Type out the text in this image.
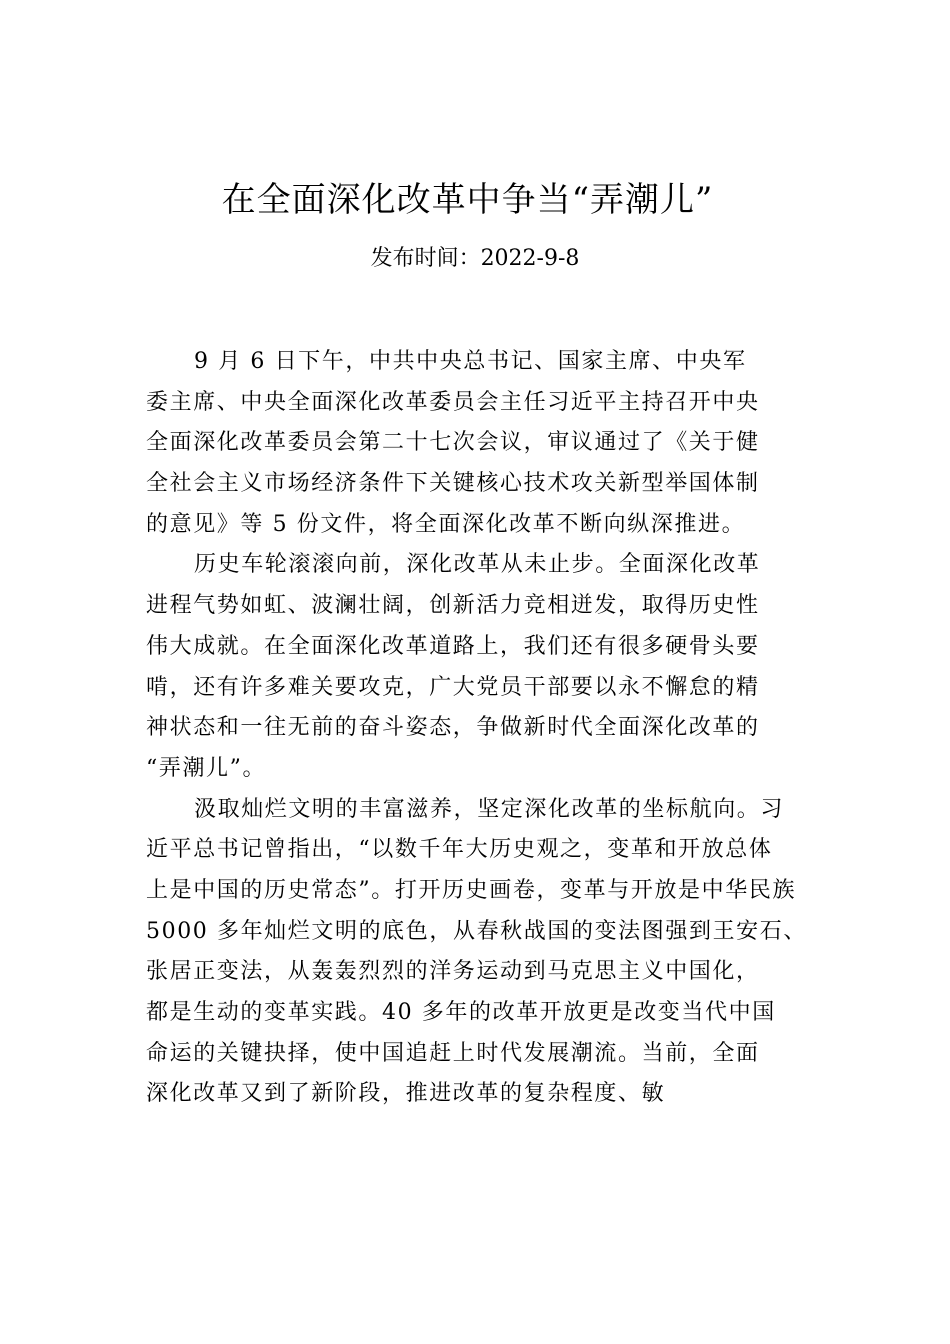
在全面深化改革中争当“弄潮儿”
发布时间：2022-9-8
9 月 6 日下午，中共中央总书记、国家主席、中央军
委主席、中央全面深化改革委员会主任习近平主持召开中央
全面深化改革委员会第二十七次会议，审议通过了《关于健
全社会主义市场经济条件下关键核心技术攻关新型举国体制
的意见》等 5 份文件，将全面深化改革不断向纵深推进。
历史车轮滚滚向前，深化改革从未止步。全面深化改革
进程气势如虹、波澜壮阔，创新活力竞相迸发，取得历史性
伟大成就。在全面深化改革道路上，我们还有很多硬骨头要
啃，还有许多难关要攻克，广大党员干部要以永不懈怠的精
神状态和一往无前的奋斗姿态，争做新时代全面深化改革的
“弄潮儿”。
汲取灿烂文明的丰富滋养，坚定深化改革的坐标航向。习
近平总书记曾指出，“以数千年大历史观之，变革和开放总体
上是中国的历史常态”。打开历史画卷，变革与开放是中华民族
5000 多年灿烂文明的底色，从春秋战国的变法图强到王安石、
张居正变法，从轰轰烈烈的洋务运动到马克思主义中国化，
都是生动的变革实践。40 多年的改革开放更是改变当代中国
命运的关键抉择，使中国追赶上时代发展潮流。当前，全面
深化改革又到了新阶段，推进改革的复杂程度、敏
